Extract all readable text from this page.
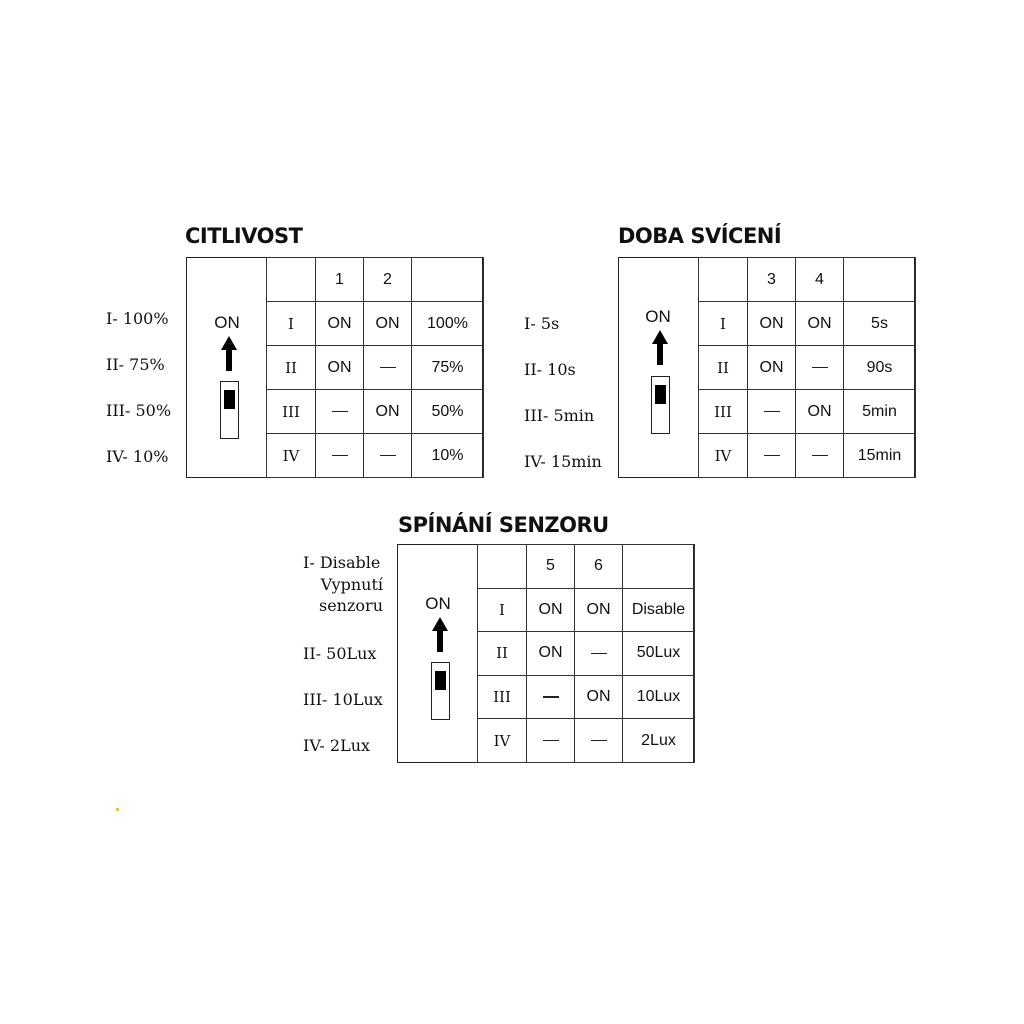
CITLIVOST
I- 100%
II- 75%
III- 50%
IV- 10%
ON
	1	2	
I	ON	ON	100%
II	ON		75%
III		ON	50%
IV			10%
DOBA SVÍCENÍ
I- 5s
II- 10s
III- 5min
IV- 15min
ON
	3	4	
I	ON	ON	5s
II	ON		90s
III		ON	5min
IV			15min
SPÍNÁNÍ SENZORU
I- Disable
Vypnutí
senzoru
II- 50Lux
III- 10Lux
IV- 2Lux
ON
	5	6	
I	ON	ON	Disable
II	ON		50Lux
III		ON	10Lux
IV			2Lux
